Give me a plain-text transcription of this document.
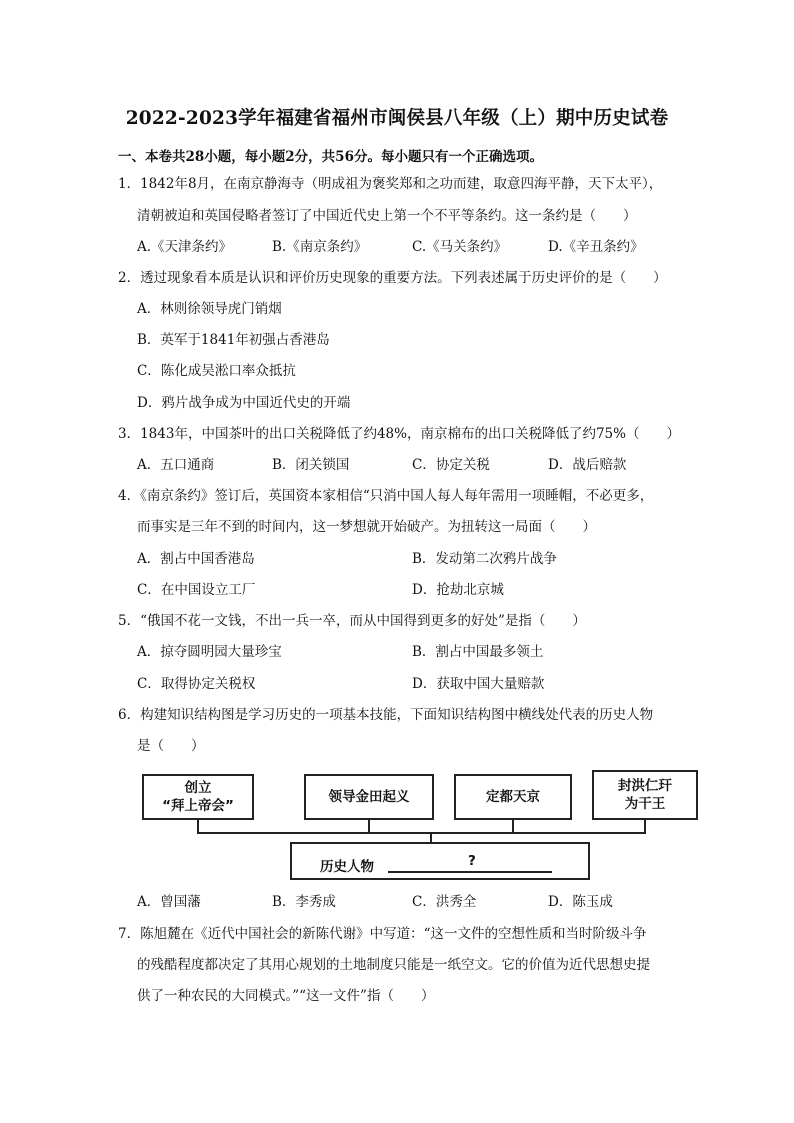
2022-2023学年福建省福州市闽侯县八年级（上）期中历史试卷
一、本卷共28小题，每小题2分，共56分。每小题只有一个正确选项。
1．1842年8月，在南京静海寺（明成祖为褒奖郑和之功而建，取意四海平静，天下太平），
清朝被迫和英国侵略者签订了中国近代史上第一个不平等条约。这一条约是（　　）
A.《天津条约》	B.《南京条约》	C.《马关条约》	D.《辛丑条约》
2．透过现象看本质是认识和评价历史现象的重要方法。下列表述属于历史评价的是（　　）
A．林则徐领导虎门销烟
B．英军于1841年初强占香港岛
C．陈化成吴淞口率众抵抗
D．鸦片战争成为中国近代史的开端
3．1843年，中国茶叶的出口关税降低了约48%，南京棉布的出口关税降低了约75%（　　）
A．五口通商	B．闭关锁国	C．协定关税	D．战后赔款
4．《南京条约》签订后，英国资本家相信“只消中国人每人每年需用一项睡帽，不必更多，
而事实是三年不到的时间内，这一梦想就开始破产。为扭转这一局面（　　）
A．割占中国香港岛	B．发动第二次鸦片战争
C．在中国设立工厂	D．抢劫北京城
5．“俄国不花一文钱，不出一兵一卒，而从中国得到更多的好处”是指（　　）
A．掠夺圆明园大量珍宝	B．割占中国最多领土
C．取得协定关税权	D．获取中国大量赔款
6．构建知识结构图是学习历史的一项基本技能，下面知识结构图中横线处代表的历史人物
是（　　）
创立
“拜上帝会”
领导金田起义	定都天京
封洪仁玕
为干王
历史人物	?
A．曾国藩	B．李秀成	C．洪秀全	D．陈玉成
7．陈旭麓在《近代中国社会的新陈代谢》中写道：“这一文件的空想性质和当时阶级斗争
的残酷程度都决定了其用心规划的土地制度只能是一纸空文。它的价值为近代思想史提
供了一种农民的大同模式。”“这一文件”指（　　）
